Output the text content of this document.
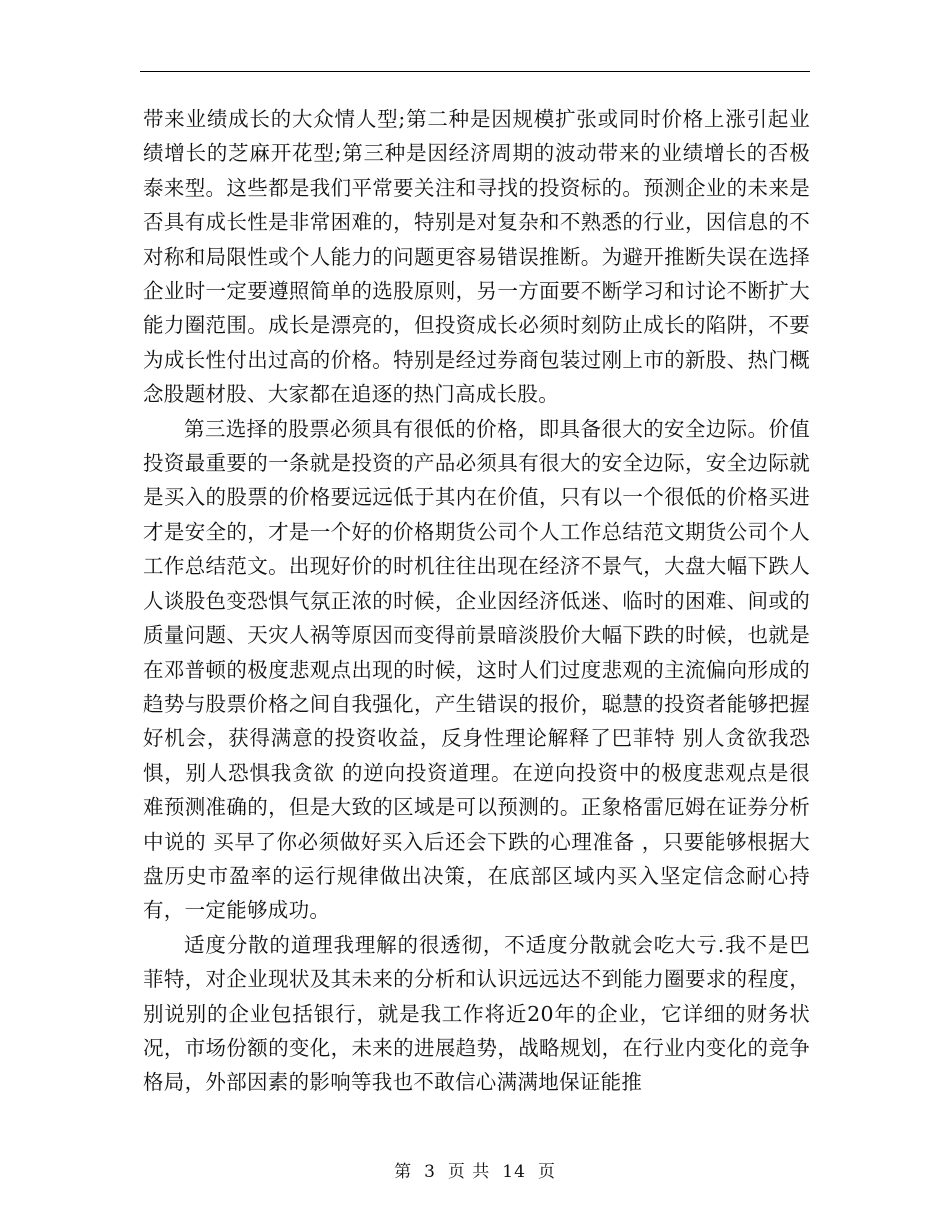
带来业绩成长的大众情人型;第二种是因规模扩张或同时价格上涨引起业绩增长的芝麻开花型;第三种是因经济周期的波动带来的业绩增长的否极泰来型。这些都是我们平常要关注和寻找的投资标的。预测企业的未来是否具有成长性是非常困难的，特别是对复杂和不熟悉的行业，因信息的不对称和局限性或个人能力的问题更容易错误推断。为避开推断失误在选择企业时一定要遵照简单的选股原则，另一方面要不断学习和讨论不断扩大能力圈范围。成长是漂亮的，但投资成长必须时刻防止成长的陷阱，不要为成长性付出过高的价格。特别是经过券商包装过刚上市的新股、热门概念股题材股、大家都在追逐的热门高成长股。

第三选择的股票必须具有很低的价格，即具备很大的安全边际。价值投资最重要的一条就是投资的产品必须具有很大的安全边际，安全边际就是买入的股票的价格要远远低于其内在价值，只有以一个很低的价格买进才是安全的，才是一个好的价格期货公司个人工作总结范文期货公司个人工作总结范文。出现好价的时机往往出现在经济不景气，大盘大幅下跌人人谈股色变恐惧气氛正浓的时候，企业因经济低迷、临时的困难、间或的质量问题、天灾人祸等原因而变得前景暗淡股价大幅下跌的时候，也就是在邓普顿的极度悲观点出现的时候，这时人们过度悲观的主流偏向形成的趋势与股票价格之间自我强化，产生错误的报价，聪慧的投资者能够把握好机会，获得满意的投资收益，反身性理论解释了巴菲特 别人贪欲我恐惧，别人恐惧我贪欲 的逆向投资道理。在逆向投资中的极度悲观点是很难预测准确的，但是大致的区域是可以预测的。正象格雷厄姆在证券分析中说的 买早了你必须做好买入后还会下跌的心理准备 ，只要能够根据大盘历史市盈率的运行规律做出决策，在底部区域内买入坚定信念耐心持有，一定能够成功。

适度分散的道理我理解的很透彻，不适度分散就会吃大亏.我不是巴菲特，对企业现状及其未来的分析和认识远远达不到能力圈要求的程度，别说别的企业包括银行，就是我工作将近20年的企业，它详细的财务状况，市场份额的变化，未来的进展趋势，战略规划，在行业内变化的竞争格局，外部因素的影响等我也不敢信心满满地保证能推

第 3 页 共 14 页
